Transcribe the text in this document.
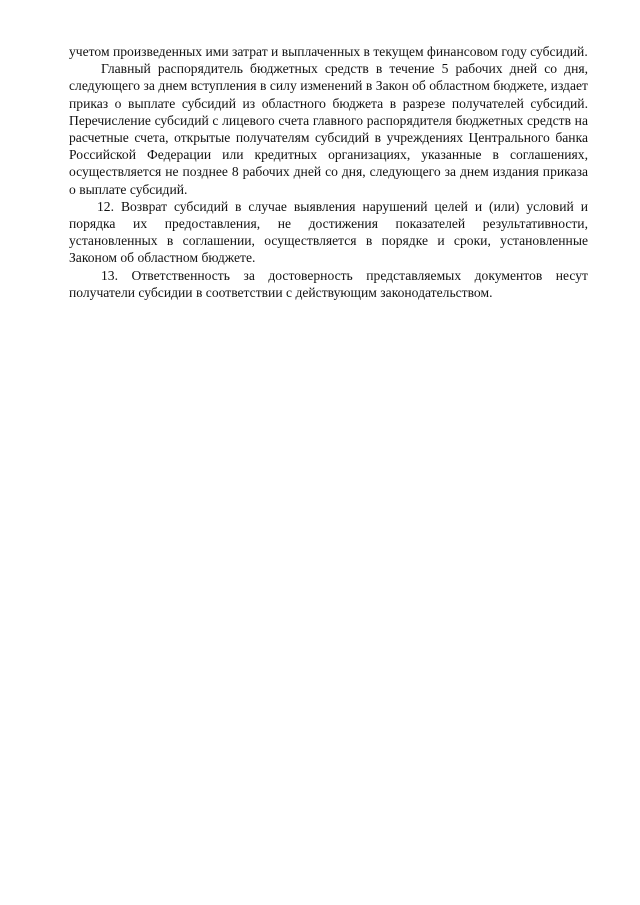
учетом произведенных ими затрат и выплаченных в текущем финансовом году субсидий.

Главный распорядитель бюджетных средств в течение 5 рабочих дней со дня, следующего за днем вступления в силу изменений в Закон об областном бюджете, издает приказ о выплате субсидий из областного бюджета в разрезе получателей субсидий. Перечисление субсидий с лицевого счета главного распорядителя бюджетных средств на расчетные счета, открытые получателям субсидий в учреждениях Центрального банка Российской Федерации или кредитных организациях, указанные в соглашениях, осуществляется не позднее 8 рабочих дней со дня, следующего за днем издания приказа о выплате субсидий.

12. Возврат субсидий в случае выявления нарушений целей и (или) условий и порядка их предоставления, не достижения показателей результативности, установленных в соглашении, осуществляется в порядке и сроки, установленные Законом об областном бюджете.

13. Ответственность за достоверность представляемых документов несут получатели субсидии в соответствии с действующим законодательством.
